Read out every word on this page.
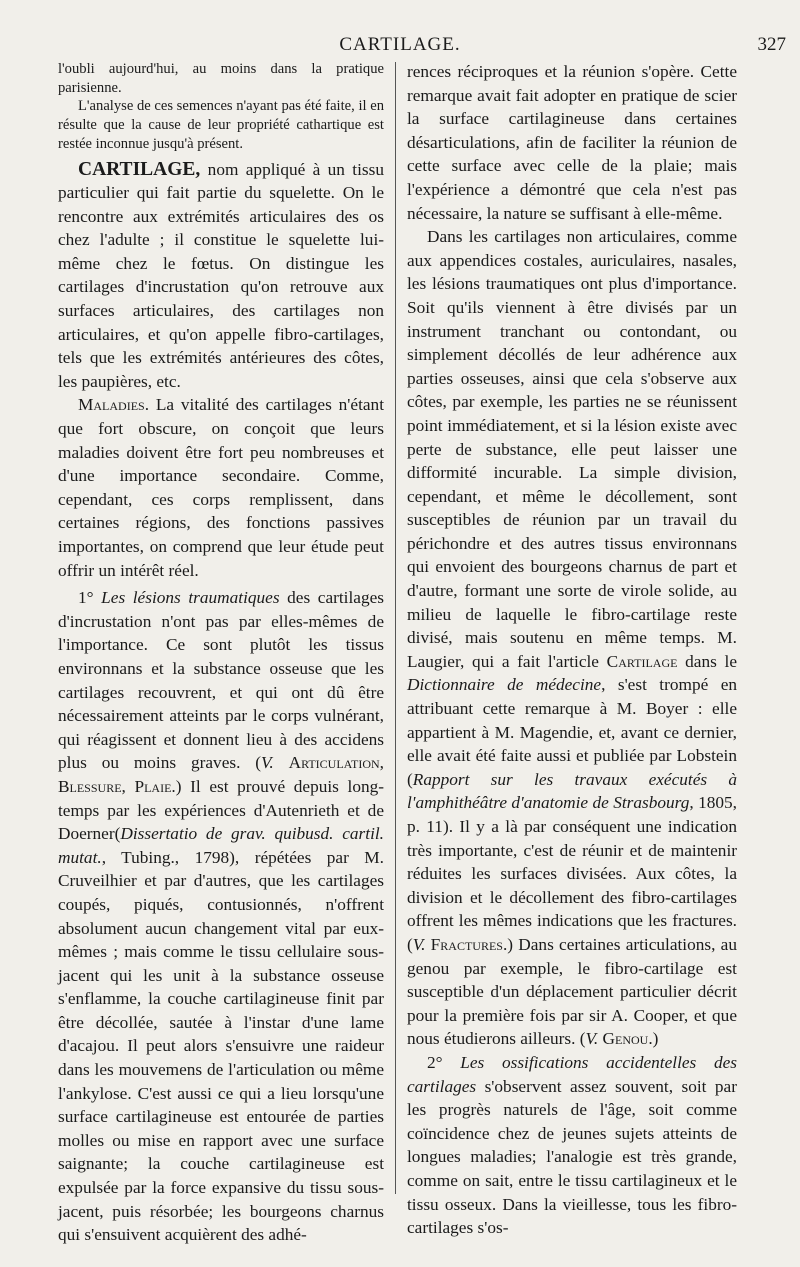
CARTILAGE.	327

l'oubli aujourd'hui, au moins dans la pratique parisienne.

L'analyse de ces semences n'ayant pas été faite, il en résulte que la cause de leur propriété cathartique est restée inconnue jusqu'à présent.

CARTILAGE, nom appliqué à un tissu particulier qui fait partie du squelette. On le rencontre aux extrémités articulaires des os chez l'adulte ; il constitue le squelette lui-même chez le fœtus. On distingue les cartilages d'incrustation qu'on retrouve aux surfaces articulaires, des cartilages non articulaires, et qu'on appelle fibro-cartilages, tels que les extrémités antérieures des côtes, les paupières, etc.

Maladies. La vitalité des cartilages n'étant que fort obscure, on conçoit que leurs maladies doivent être fort peu nombreuses et d'une importance secondaire. Comme, cependant, ces corps remplissent, dans certaines régions, des fonctions passives importantes, on comprend que leur étude peut offrir un intérêt réel.

1° Les lésions traumatiques des cartilages d'incrustation n'ont pas par elles-mêmes de l'importance. Ce sont plutôt les tissus environnans et la substance osseuse que les cartilages recouvrent, et qui ont dû être nécessairement atteints par le corps vulnérant, qui réagissent et donnent lieu à des accidens plus ou moins graves. (V. Articulation, Blessure, Plaie.) Il est prouvé depuis long-temps par les expériences d'Autenrieth et de Doerner(Dissertatio de grav. quibusd. cartil. mutat., Tubing., 1798), répétées par M. Cruveilhier et par d'autres, que les cartilages coupés, piqués, contusionnés, n'offrent absolument aucun changement vital par eux-mêmes ; mais comme le tissu cellulaire sous-jacent qui les unit à la substance osseuse s'enflamme, la couche cartilagineuse finit par être décollée, sautée à l'instar d'une lame d'acajou. Il peut alors s'ensuivre une raideur dans les mouvemens de l'articulation ou même l'ankylose. C'est aussi ce qui a lieu lorsqu'une surface cartilagineuse est entourée de parties molles ou mise en rapport avec une surface saignante; la couche cartilagineuse est expulsée par la force expansive du tissu sous-jacent, puis résorbée; les bourgeons charnus qui s'ensuivent acquièrent des adhé-

rences réciproques et la réunion s'opère. Cette remarque avait fait adopter en pratique de scier la surface cartilagineuse dans certaines désarticulations, afin de faciliter la réunion de cette surface avec celle de la plaie; mais l'expérience a démontré que cela n'est pas nécessaire, la nature se suffisant à elle-même.

Dans les cartilages non articulaires, comme aux appendices costales, auriculaires, nasales, les lésions traumatiques ont plus d'importance. Soit qu'ils viennent à être divisés par un instrument tranchant ou contondant, ou simplement décollés de leur adhérence aux parties osseuses, ainsi que cela s'observe aux côtes, par exemple, les parties ne se réunissent point immédiatement, et si la lésion existe avec perte de substance, elle peut laisser une difformité incurable. La simple division, cependant, et même le décollement, sont susceptibles de réunion par un travail du périchondre et des autres tissus environnans qui envoient des bourgeons charnus de part et d'autre, formant une sorte de virole solide, au milieu de laquelle le fibro-cartilage reste divisé, mais soutenu en même temps. M. Laugier, qui a fait l'article Cartilage dans le Dictionnaire de médecine, s'est trompé en attribuant cette remarque à M. Boyer : elle appartient à M. Magendie, et, avant ce dernier, elle avait été faite aussi et publiée par Lobstein (Rapport sur les travaux exécutés à l'amphithéâtre d'anatomie de Strasbourg, 1805, p. 11). Il y a là par conséquent une indication très importante, c'est de réunir et de maintenir réduites les surfaces divisées. Aux côtes, la division et le décollement des fibro-cartilages offrent les mêmes indications que les fractures. (V. Fractures.) Dans certaines articulations, au genou par exemple, le fibro-cartilage est susceptible d'un déplacement particulier décrit pour la première fois par sir A. Cooper, et que nous étudierons ailleurs. (V. Genou.)

2° Les ossifications accidentelles des cartilages s'observent assez souvent, soit par les progrès naturels de l'âge, soit comme coïncidence chez de jeunes sujets atteints de longues maladies; l'analogie est très grande, comme on sait, entre le tissu cartilagineux et le tissu osseux. Dans la vieillesse, tous les fibro-cartilages s'os-
